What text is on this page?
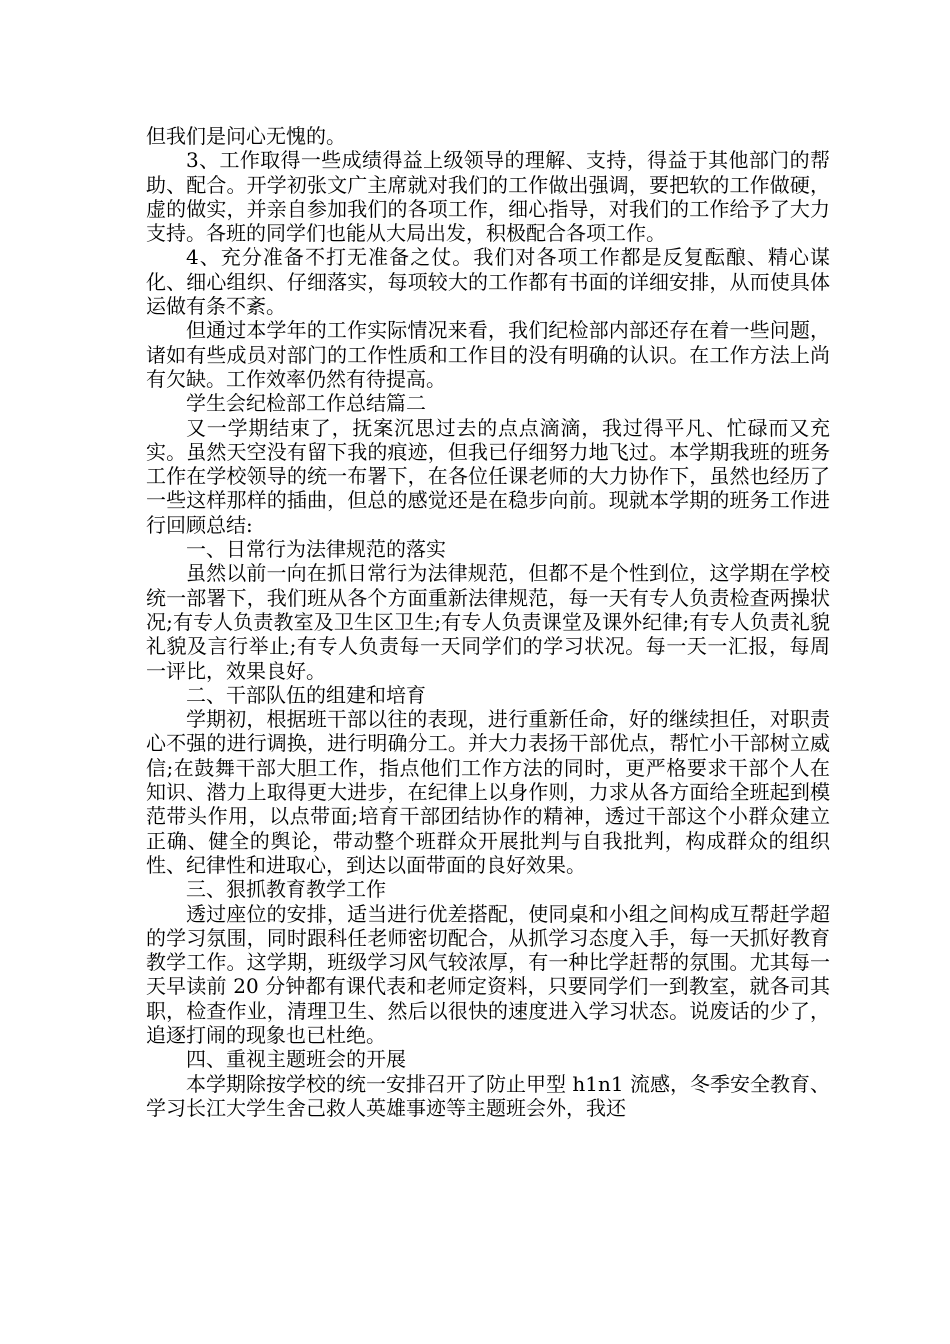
但我们是问心无愧的。

3、工作取得一些成绩得益上级领导的理解、支持，得益于其他部门的帮助、配合。开学初张文广主席就对我们的工作做出强调，要把软的工作做硬，虚的做实，并亲自参加我们的各项工作，细心指导，对我们的工作给予了大力支持。各班的同学们也能从大局出发，积极配合各项工作。

4、充分准备不打无准备之仗。我们对各项工作都是反复酝酿、精心谋化、细心组织、仔细落实，每项较大的工作都有书面的详细安排，从而使具体运做有条不紊。

但通过本学年的工作实际情况来看，我们纪检部内部还存在着一些问题，诸如有些成员对部门的工作性质和工作目的没有明确的认识。在工作方法上尚有欠缺。工作效率仍然有待提高。

学生会纪检部工作总结篇二

又一学期结束了，抚案沉思过去的点点滴滴，我过得平凡、忙碌而又充实。虽然天空没有留下我的痕迹，但我已仔细努力地飞过。本学期我班的班务工作在学校领导的统一布署下，在各位任课老师的大力协作下，虽然也经历了一些这样那样的插曲，但总的感觉还是在稳步向前。现就本学期的班务工作进行回顾总结:

一、日常行为法律规范的落实

虽然以前一向在抓日常行为法律规范，但都不是个性到位，这学期在学校统一部署下，我们班从各个方面重新法律规范，每一天有专人负责检查两操状况;有专人负责教室及卫生区卫生;有专人负责课堂及课外纪律;有专人负责礼貌礼貌及言行举止;有专人负责每一天同学们的学习状况。每一天一汇报，每周一评比，效果良好。

二、干部队伍的组建和培育

学期初，根据班干部以往的表现，进行重新任命，好的继续担任，对职责心不强的进行调换，进行明确分工。并大力表扬干部优点，帮忙小干部树立威信;在鼓舞干部大胆工作，指点他们工作方法的同时，更严格要求干部个人在知识、潜力上取得更大进步，在纪律上以身作则，力求从各方面给全班起到模范带头作用，以点带面;培育干部团结协作的精神，透过干部这个小群众建立正确、健全的舆论，带动整个班群众开展批判与自我批判，构成群众的组织性、纪律性和进取心，到达以面带面的良好效果。

三、狠抓教育教学工作

透过座位的安排，适当进行优差搭配，使同桌和小组之间构成互帮赶学超的学习氛围，同时跟科任老师密切配合，从抓学习态度入手，每一天抓好教育教学工作。这学期，班级学习风气较浓厚，有一种比学赶帮的氛围。尤其每一天早读前 20 分钟都有课代表和老师定资料，只要同学们一到教室，就各司其职，检查作业，清理卫生、然后以很快的速度进入学习状态。说废话的少了，追逐打闹的现象也已杜绝。

四、重视主题班会的开展

本学期除按学校的统一安排召开了防止甲型 h1n1 流感，冬季安全教育、学习长江大学生舍己救人英雄事迹等主题班会外，我还
